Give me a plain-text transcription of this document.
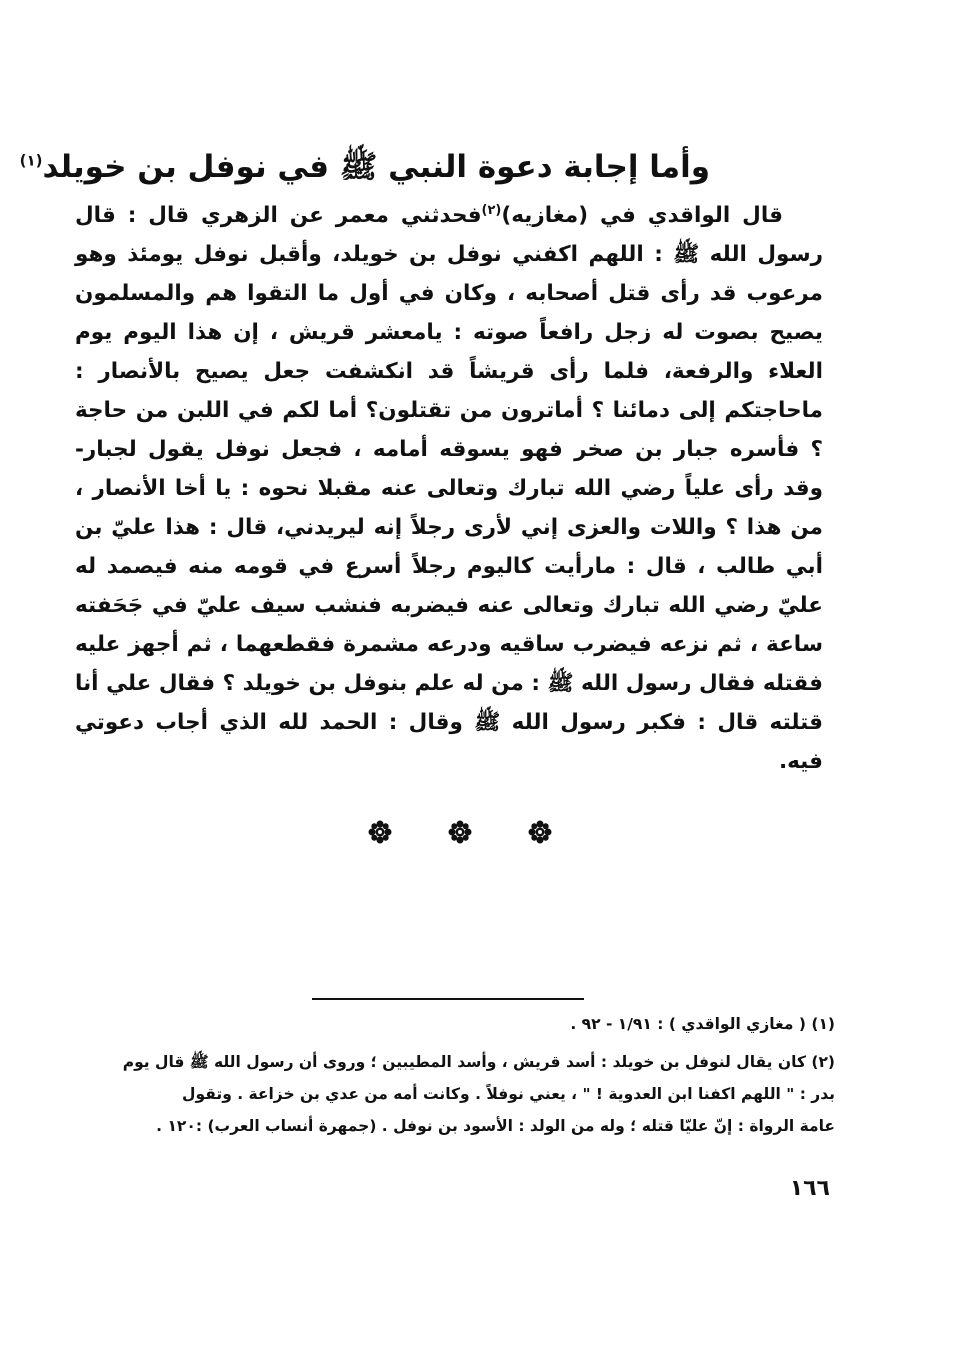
وأما إجابة دعوة النبي ﷺ في نوفل بن خويلد$^{(١)}$

قال الواقدي في (مغازيه)$^{(٢)}$فحدثني معمر عن الزهري قال : قال رسول الله ﷺ : اللهم اكفني نوفل بن خويلد، وأقبل نوفل يومئذ وهو مرعوب قد رأى قتل أصحابه ، وكان في أول ما التقوا هم والمسلمون يصيح بصوت له زجل رافعاً صوته : يامعشر قريش ، إن هذا اليوم يوم العلاء والرفعة، فلما رأى قريشاً قد انكشفت جعل يصيح بالأنصار : ماحاجتكم إلى دمائنا ؟ أماترون من تقتلون؟ أما لكم في اللبن من حاجة ؟ فأسره جبار بن صخر فهو يسوقه أمامه ، فجعل نوفل يقول لجبار- وقد رأى علياً رضي الله تبارك وتعالى عنه مقبلا نحوه : يا أخا الأنصار ، من هذا ؟ واللات والعزى إني لأرى رجلاً إنه ليريدني، قال : هذا عليّ بن أبي طالب ، قال : مارأيت كاليوم رجلاً أسرع في قومه منه فيصمد له عليّ رضي الله تبارك وتعالى عنه فيضربه فنشب سيف عليّ في جَحَفته ساعة ، ثم نزعه فيضرب ساقيه ودرعه مشمرة فقطعهما ، ثم أجهز عليه فقتله فقال رسول الله ﷺ : من له علم بنوفل بن خويلد ؟ فقال علي أنا قتلته قال : فكبر رسول الله ﷺ وقال : الحمد لله الذي أجاب دعوتي فيه.

(١) ( مغازي الواقدي ) : ١/٩١ - ٩٢ .

(٢) كان يقال لنوفل بن خويلد : أسد قريش ، وأسد المطيبين ؛ وروى أن رسول الله ﷺ قال يوم
بدر : " اللهم اكفنا ابن العدوية ! " ، يعني نوفلاً . وكانت أمه من عدي بن خزاعة . وتقول
عامة الرواة : إنّ عليّا قتله ؛ وله من الولد : الأسود بن نوفل . (جمهرة أنساب العرب) :١٢٠ .

١٦٦
